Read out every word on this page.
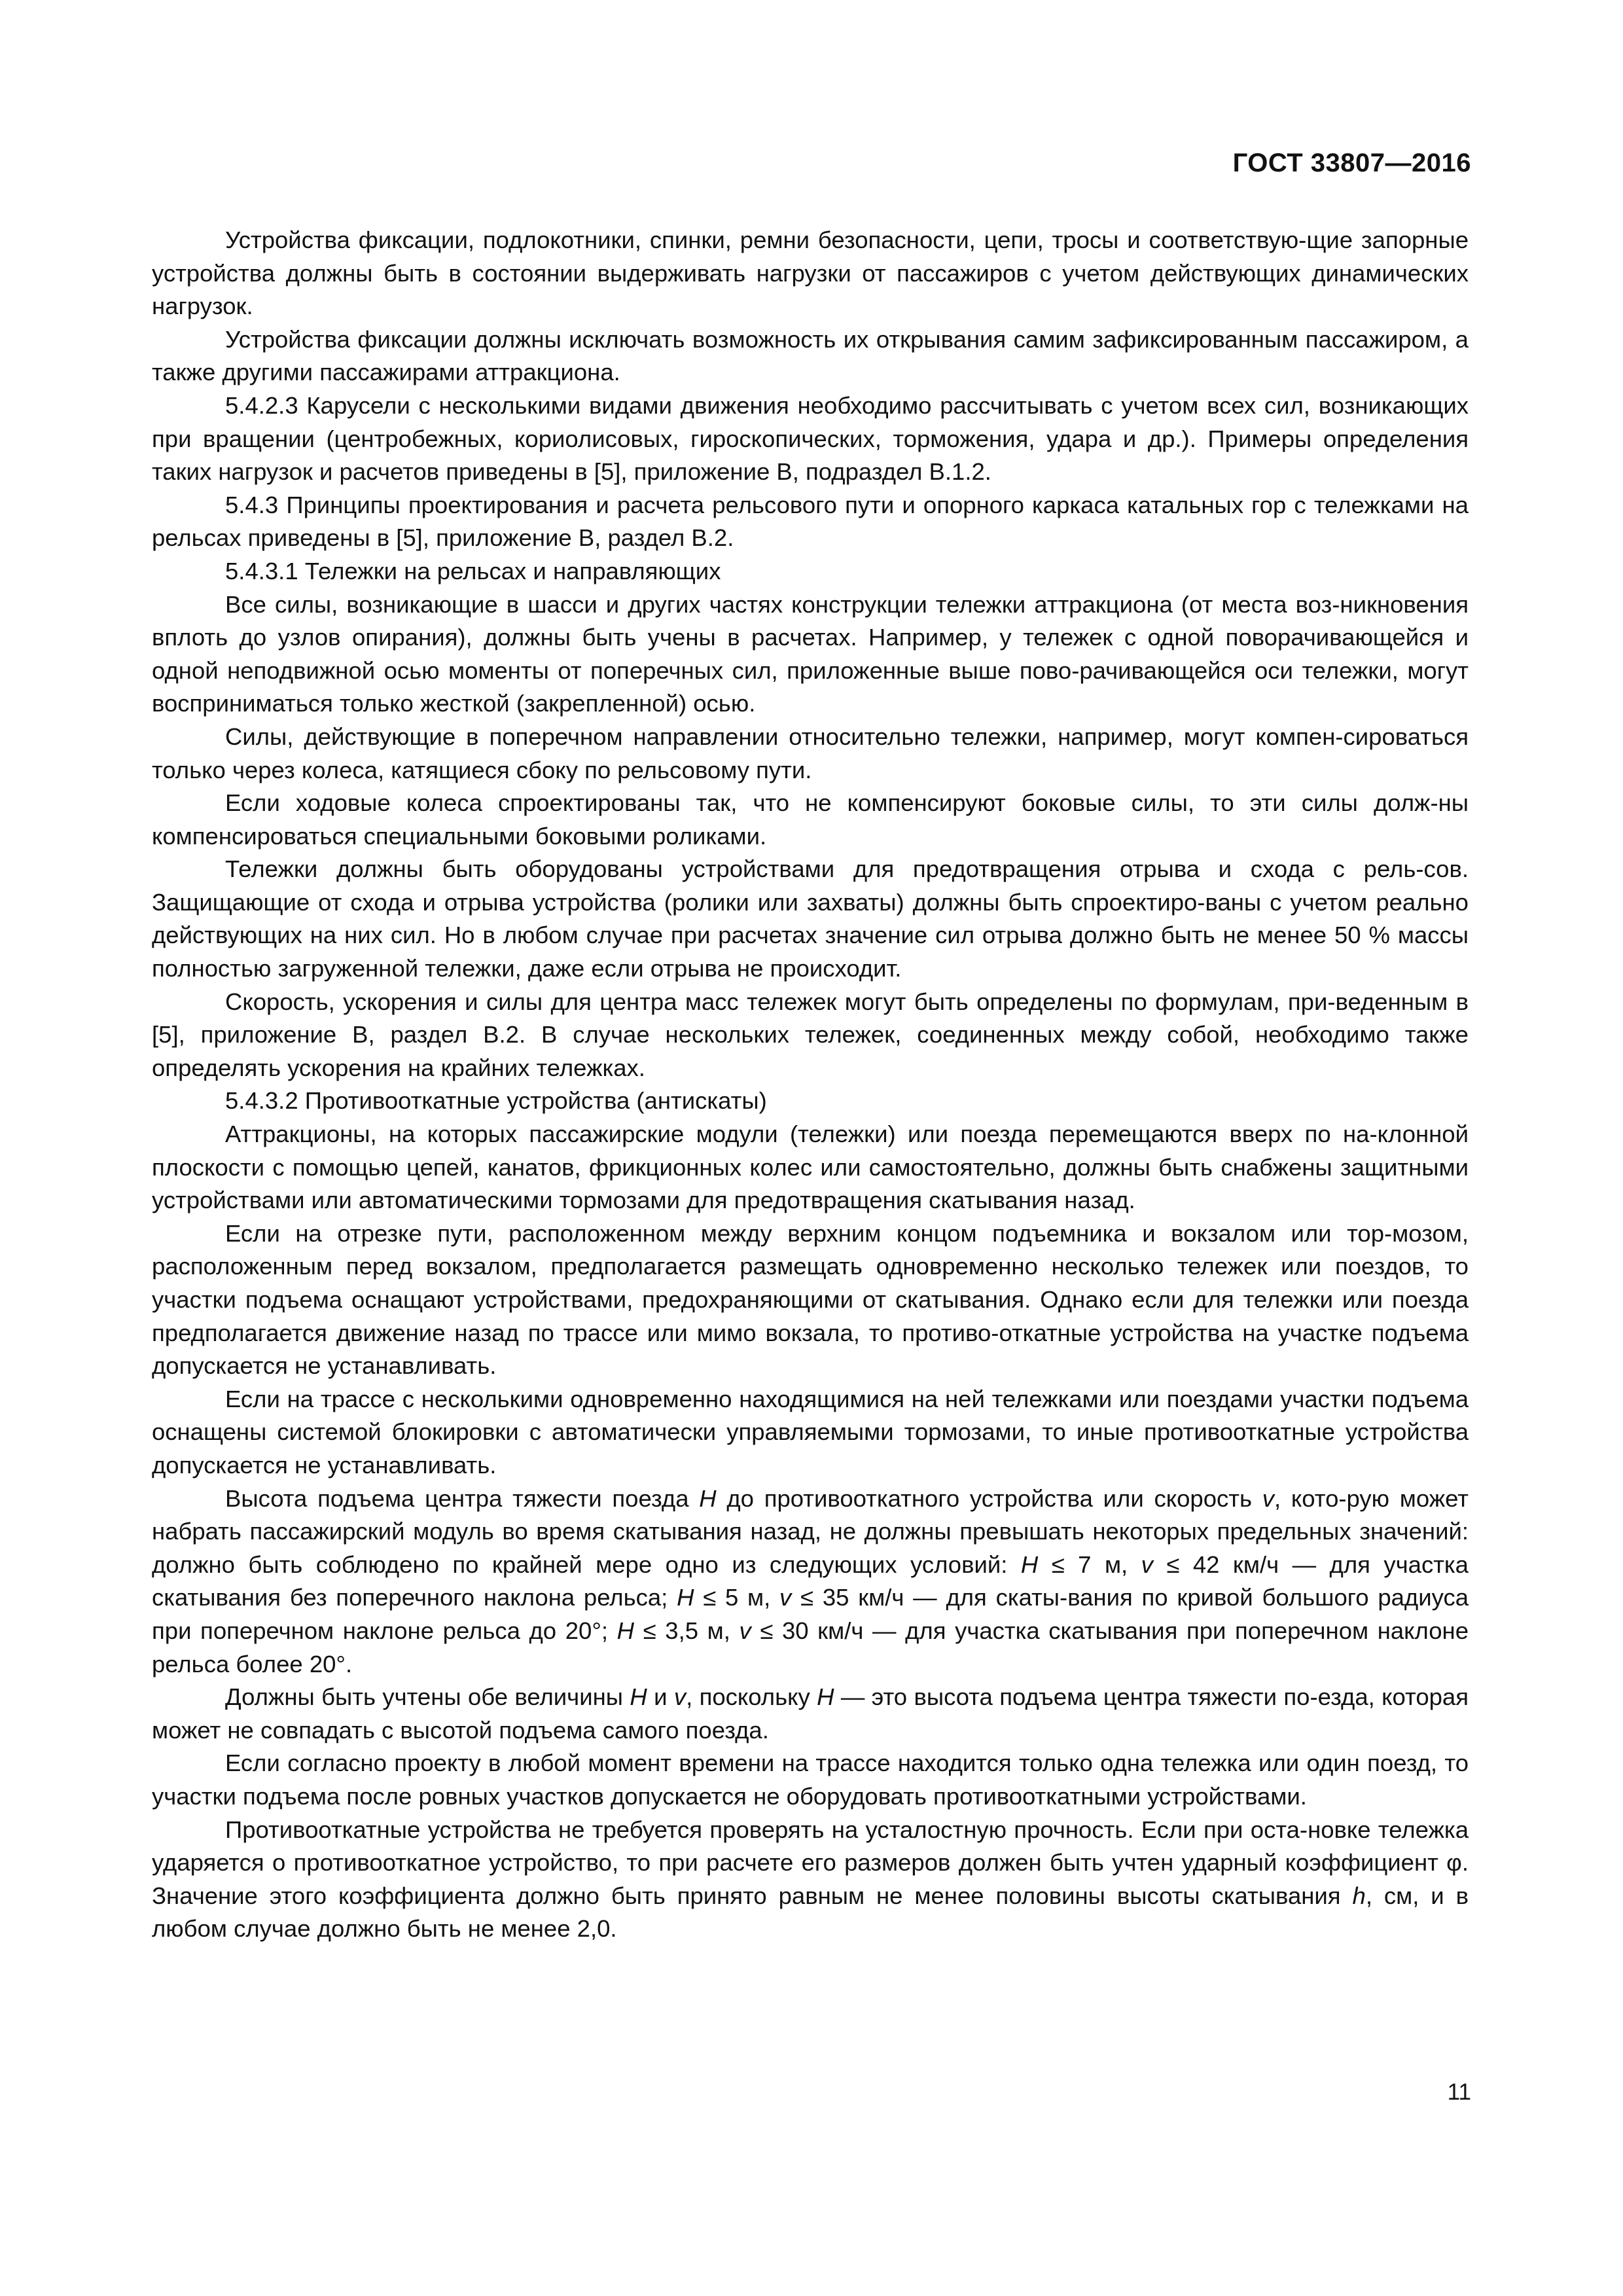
ГОСТ 33807—2016

Устройства фиксации, подлокотники, спинки, ремни безопасности, цепи, тросы и соответствую-щие запорные устройства должны быть в состоянии выдерживать нагрузки от пассажиров с учетом действующих динамических нагрузок.

Устройства фиксации должны исключать возможность их открывания самим зафиксированным пассажиром, а также другими пассажирами аттракциона.

5.4.2.3 Карусели с несколькими видами движения необходимо рассчитывать с учетом всех сил, возникающих при вращении (центробежных, кориолисовых, гироскопических, торможения, удара и др.). Примеры определения таких нагрузок и расчетов приведены в [5], приложение В, подраздел В.1.2.

5.4.3 Принципы проектирования и расчета рельсового пути и опорного каркаса катальных гор с тележками на рельсах приведены в [5], приложение В, раздел В.2.

5.4.3.1 Тележки на рельсах и направляющих

Все силы, возникающие в шасси и других частях конструкции тележки аттракциона (от места воз-никновения вплоть до узлов опирания), должны быть учены в расчетах. Например, у тележек с одной поворачивающейся и одной неподвижной осью моменты от поперечных сил, приложенные выше пово-рачивающейся оси тележки, могут восприниматься только жесткой (закрепленной) осью.

Силы, действующие в поперечном направлении относительно тележки, например, могут компен-сироваться только через колеса, катящиеся сбоку по рельсовому пути.

Если ходовые колеса спроектированы так, что не компенсируют боковые силы, то эти силы долж-ны компенсироваться специальными боковыми роликами.

Тележки должны быть оборудованы устройствами для предотвращения отрыва и схода с рель-сов. Защищающие от схода и отрыва устройства (ролики или захваты) должны быть спроектиро-ваны с учетом реально действующих на них сил. Но в любом случае при расчетах значение сил отрыва должно быть не менее 50 % массы полностью загруженной тележки, даже если отрыва не происходит.

Скорость, ускорения и силы для центра масс тележек могут быть определены по формулам, при-веденным в [5], приложение В, раздел В.2. В случае нескольких тележек, соединенных между собой, необходимо также определять ускорения на крайних тележках.

5.4.3.2 Противооткатные устройства (антискаты)

Аттракционы, на которых пассажирские модули (тележки) или поезда перемещаются вверх по на-клонной плоскости с помощью цепей, канатов, фрикционных колес или самостоятельно, должны быть снабжены защитными устройствами или автоматическими тормозами для предотвращения скатывания назад.

Если на отрезке пути, расположенном между верхним концом подъемника и вокзалом или тор-мозом, расположенным перед вокзалом, предполагается размещать одновременно несколько тележек или поездов, то участки подъема оснащают устройствами, предохраняющими от скатывания. Однако если для тележки или поезда предполагается движение назад по трассе или мимо вокзала, то противо-откатные устройства на участке подъема допускается не устанавливать.

Если на трассе с несколькими одновременно находящимися на ней тележками или поездами участки подъема оснащены системой блокировки с автоматически управляемыми тормозами, то иные противооткатные устройства допускается не устанавливать.

Высота подъема центра тяжести поезда H до противооткатного устройства или скорость v, кото-рую может набрать пассажирский модуль во время скатывания назад, не должны превышать некоторых предельных значений: должно быть соблюдено по крайней мере одно из следующих условий: H ≤ 7 м, v ≤ 42 км/ч — для участка скатывания без поперечного наклона рельса; H ≤ 5 м, v ≤ 35 км/ч — для скаты-вания по кривой большого радиуса при поперечном наклоне рельса до 20°; H ≤ 3,5 м, v ≤ 30 км/ч — для участка скатывания при поперечном наклоне рельса более 20°.

Должны быть учтены обе величины H и v, поскольку H — это высота подъема центра тяжести по-езда, которая может не совпадать с высотой подъема самого поезда.

Если согласно проекту в любой момент времени на трассе находится только одна тележка или один поезд, то участки подъема после ровных участков допускается не оборудовать противооткатными устройствами.

Противооткатные устройства не требуется проверять на усталостную прочность. Если при оста-новке тележка ударяется о противооткатное устройство, то при расчете его размеров должен быть учтен ударный коэффициент φ. Значение этого коэффициента должно быть принято равным не менее половины высоты скатывания h, см, и в любом случае должно быть не менее 2,0.

11
